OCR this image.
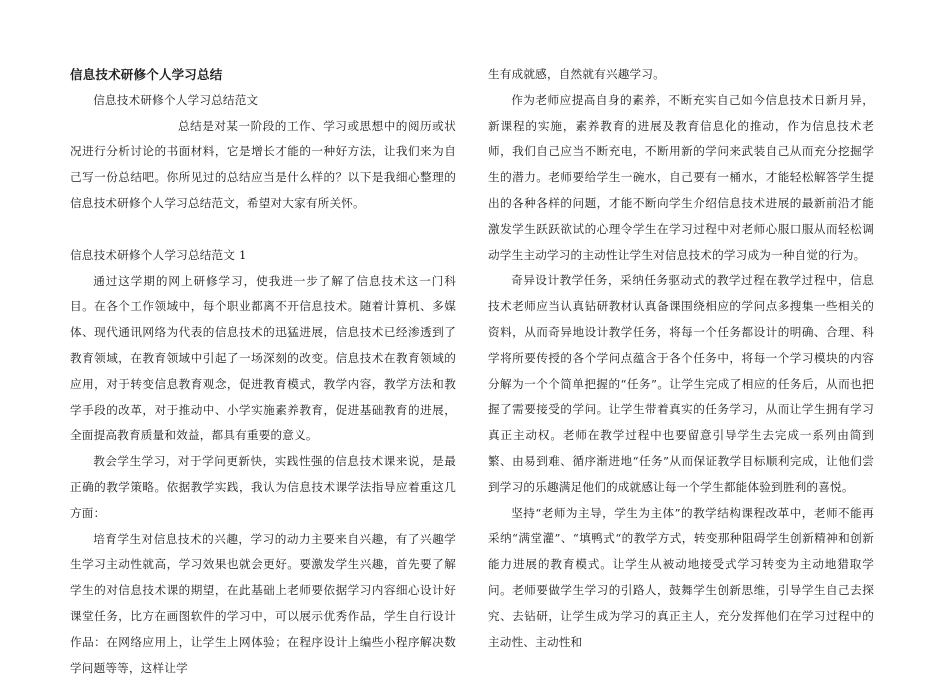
信息技术研修个人学习总结

信息技术研修个人学习总结范文

总结是对某一阶段的工作、学习或思想中的阅历或状况进行分析讨论的书面材料，它是增长才能的一种好方法，让我们来为自己写一份总结吧。你所见过的总结应当是什么样的？以下是我细心整理的信息技术研修个人学习总结范文，希望对大家有所关怀。

信息技术研修个人学习总结范文 1

通过这学期的网上研修学习，使我进一步了解了信息技术这一门科目。在各个工作领域中，每个职业都离不开信息技术。随着计算机、多媒体、现代通讯网络为代表的信息技术的迅猛进展，信息技术已经渗透到了教育领域，在教育领域中引起了一场深刻的改变。信息技术在教育领域的应用，对于转变信息教育观念，促进教育模式，教学内容，教学方法和教学手段的改革，对于推动中、小学实施素养教育，促进基础教育的进展，全面提高教育质量和效益，都具有重要的意义。

教会学生学习，对于学问更新快，实践性强的信息技术课来说，是最正确的教学策略。依据教学实践，我认为信息技术课学法指导应着重这几方面：

培育学生对信息技术的兴趣，学习的动力主要来自兴趣，有了兴趣学生学习主动性就高，学习效果也就会更好。要激发学生兴趣，首先要了解学生的对信息技术课的期望，在此基础上老师要依据学习内容细心设计好课堂任务，比方在画图软件的学习中，可以展示优秀作品，学生自行设计作品：在网络应用上，让学生上网体验；在程序设计上编些小程序解决数学问题等等，这样让学

生有成就感，自然就有兴趣学习。

作为老师应提高自身的素养，不断充实自己如今信息技术日新月异，新课程的实施，素养教育的进展及教育信息化的推动，作为信息技术老师，我们自己应当不断充电，不断用新的学问来武装自己从而充分挖掘学生的潜力。老师要给学生一碗水，自己要有一桶水，才能轻松解答学生提出的各种各样的问题，才能不断向学生介绍信息技术进展的最新前沿才能激发学生跃跃欲试的心理令学生在学习过程中对老师心服口服从而轻松调动学生主动学习的主动性让学生对信息技术的学习成为一种自觉的行为。

奇异设计教学任务，采纳任务驱动式的教学过程在教学过程中，信息技术老师应当认真钻研教材认真备课围绕相应的学问点多搜集一些相关的资料，从而奇异地设计教学任务，将每一个任务都设计的明确、合理、科学将所要传授的各个学问点蕴含于各个任务中，将每一个学习模块的内容分解为一个个简单把握的“任务”。让学生完成了相应的任务后，从而也把握了需要接受的学问。让学生带着真实的任务学习，从而让学生拥有学习真正主动权。老师在教学过程中也要留意引导学生去完成一系列由简到繁、由易到难、循序渐进地“任务”从而保证教学目标顺利完成，让他们尝到学习的乐趣满足他们的成就感让每一个学生都能体验到胜利的喜悦。

坚持“老师为主导，学生为主体”的教学结构课程改革中，老师不能再采纳“满堂灌”、“填鸭式“的教学方式，转变那种阻碍学生创新精神和创新能力进展的教育模式。让学生从被动地接受式学习转变为主动地猎取学问。老师要做学生学习的引路人，鼓舞学生创新思维，引导学生自己去探究、去钻研，让学生成为学习的真正主人，充分发挥他们在学习过程中的主动性、主动性和
